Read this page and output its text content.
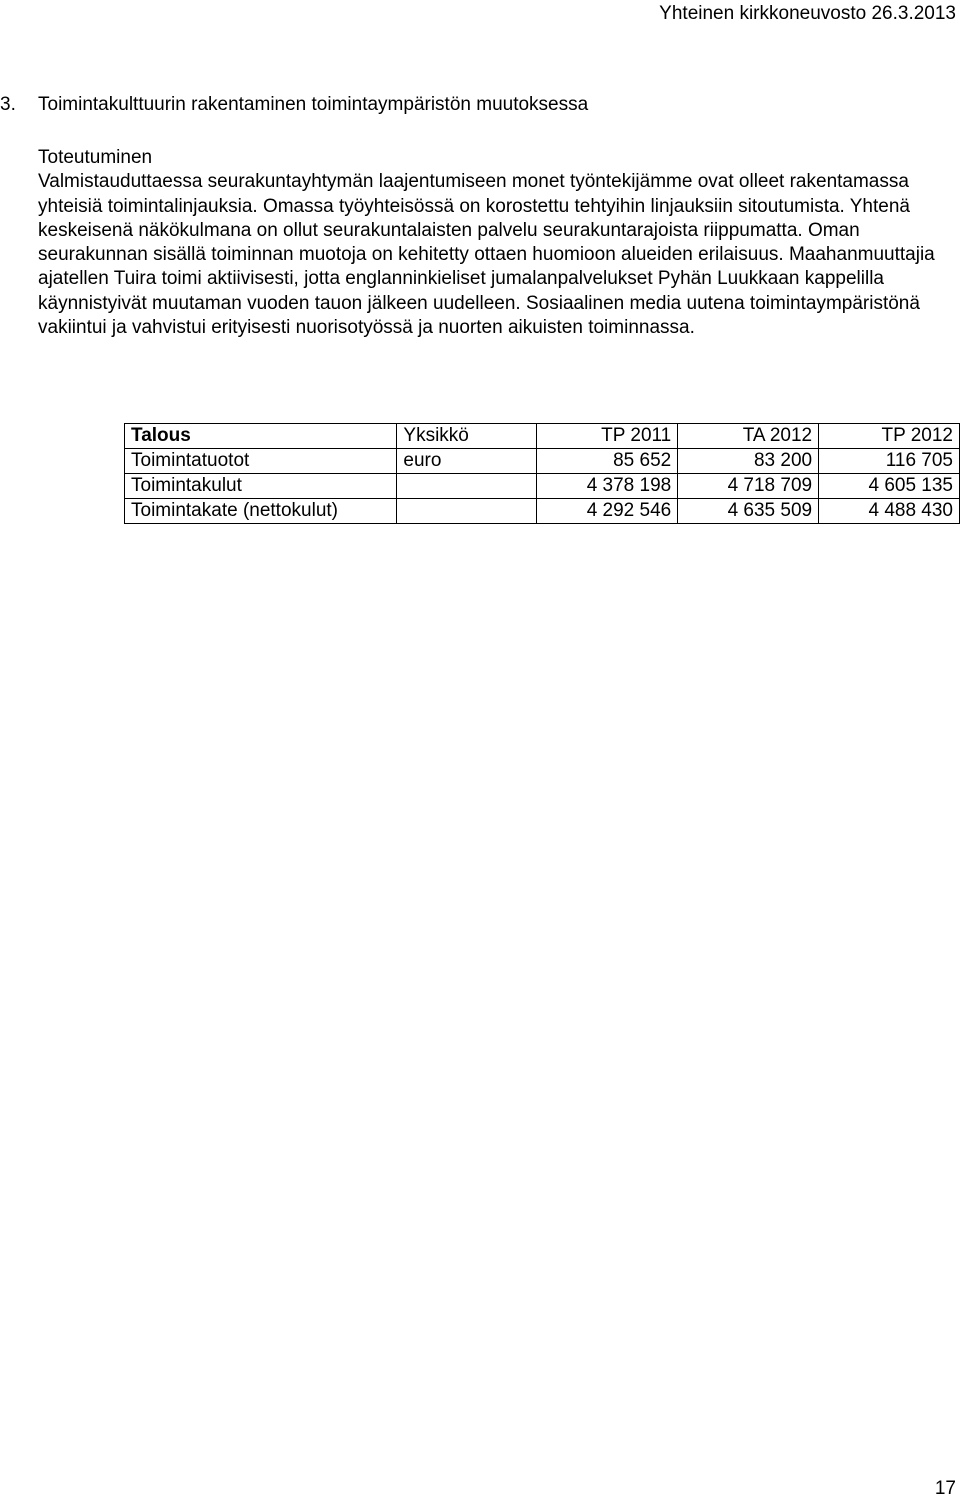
Yhteinen kirkkoneuvosto 26.3.2013
3. Toimintakulttuurin rakentaminen toimintaympäristön muutoksessa
Toteutuminen

Valmistauduttaessa seurakuntayhtymän laajentumiseen monet työntekijämme ovat olleet rakentamassa yhteisiä toimintalinjauksia. Omassa työyhteisössä on korostettu tehtyihin linjauksiin sitoutumista. Yhtenä keskeisenä näkökulmana on ollut seurakuntalaisten palvelu seurakuntarajoista riippumatta. Oman seurakunnan sisällä toiminnan muotoja on kehitetty ottaen huomioon alueiden erilaisuus. Maahanmuuttajia ajatellen Tuira toimi aktiivisesti, jotta englanninkieliset jumalanpalvelukset Pyhän Luukkaan kappelilla käynnistyivät muutaman vuoden tauon jälkeen uudelleen. Sosiaalinen media uutena toimintaympäristönä vakiintui ja vahvistui erityisesti nuorisotyössä ja nuorten aikuisten toiminnassa.

Talous	Yksikkö	TP 2011	TA 2012	TP 2012
Toimintatuotot	euro	85 652	83 200	116 705
Toimintakulut		4 378 198	4 718 709	4 605 135
Toimintakate (nettokulut)		4 292 546	4 635 509	4 488 430
17
